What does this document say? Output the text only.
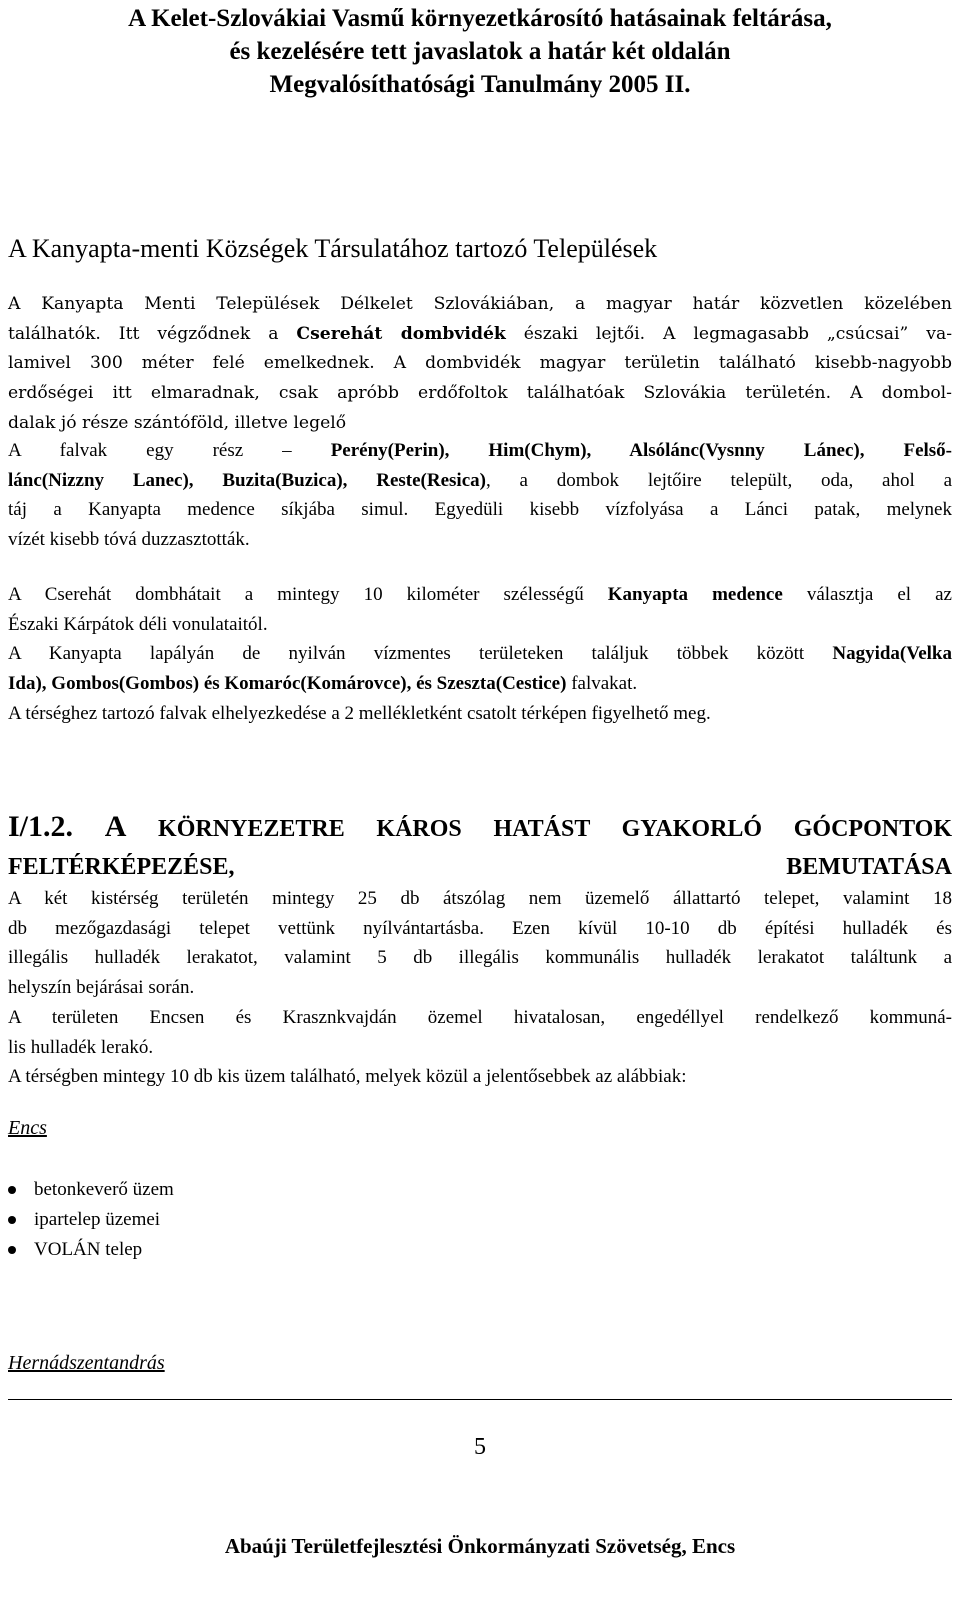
A Kelet-Szlovákiai Vasmű környezetkárosító hatásainak feltárása,
és kezelésére tett javaslatok a határ két oldalán
Megvalósíthatósági Tanulmány 2005 II.
A Kanyapta-menti Községek Társulatához tartozó Települések
A Kanyapta Menti Települések Délkelet Szlovákiában, a magyar határ közvetlen közelében
találhatók. Itt végződnek a Cserehát dombvidék északi lejtői. A legmagasabb „csúcsai” va-
lamivel 300 méter felé emelkednek. A dombvidék magyar területin található kisebb-nagyobb
erdőségei itt elmaradnak, csak apróbb erdőfoltok találhatóak Szlovákia területén. A dombol-
dalak jó része szántóföld, illetve legelő
A falvak egy rész – Perény(Perin), Him(Chym), Alsólánc(Vysnny Lánec), Felső-
lánc(Nizzny Lanec), Buzita(Buzica), Reste(Resica), a dombok lejtőire települt, oda, ahol a
táj a Kanyapta medence síkjába simul. Egyedüli kisebb vízfolyása a Lánci patak, melynek
vízét kisebb tóvá duzzasztották.
A Cserehát dombhátait a mintegy 10 kilométer szélességű Kanyapta medence választja el az
Északi Kárpátok déli vonulataitól.
A Kanyapta lapályán de nyilván vízmentes területeken találjuk többek között Nagyida(Velka
Ida), Gombos(Gombos) és Komaróc(Komárovce), és Szeszta(Cestice) falvakat.
A térséghez tartozó falvak elhelyezkedése a 2 mellékletként csatolt térképen figyelhető meg.
I/1.2. A KÖRNYEZETRE KÁROS HATÁST GYAKORLÓ GÓCPONTOK
FELTÉRKÉPEZÉSE, BEMUTATÁSA
A két kistérség területén mintegy 25 db átszólag nem üzemelő állattartó telepet, valamint 18
db mezőgazdasági telepet vettünk nyílvántartásba. Ezen kívül 10-10 db építési hulladék és
illegális hulladék lerakatot, valamint 5 db illegális kommunális hulladék lerakatot találtunk a
helyszín bejárásai során.
A területen Encsen és Krasznkvajdán özemel hivatalosan, engedéllyel rendelkező kommuná-
lis hulladék lerakó.
A térségben mintegy 10 db kis üzem található, melyek közül a jelentősebbek az alábbiak:
Encs
betonkeverő üzem
ipartelep üzemei
VOLÁN telep
Hernádszentandrás
5
Abaúji Területfejlesztési Önkormányzati Szövetség, Encs
